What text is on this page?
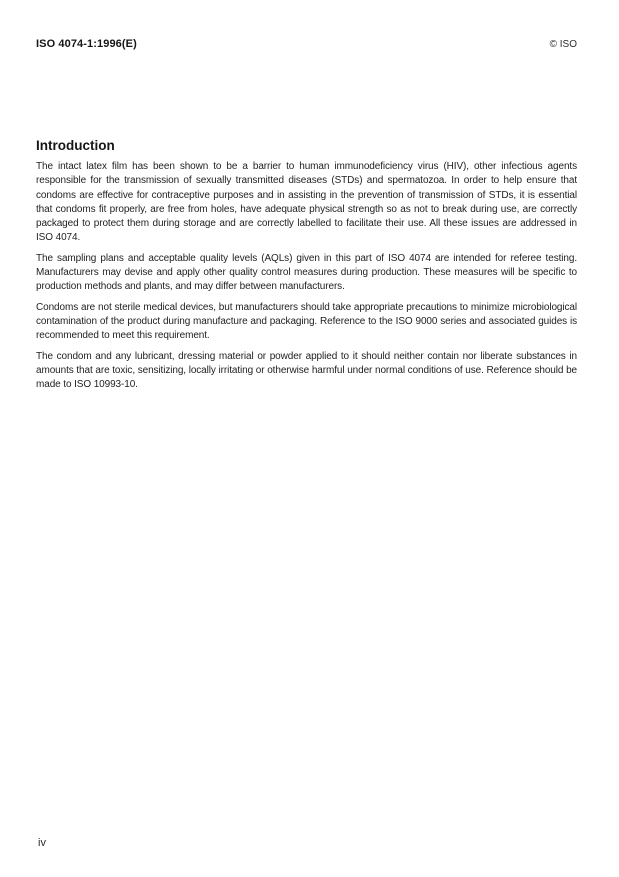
ISO 4074-1:1996(E)	© ISO
Introduction

The intact latex film has been shown to be a barrier to human immunodeficiency virus (HIV), other infectious agents responsible for the transmission of sexually transmitted diseases (STDs) and spermatozoa. In order to help ensure that condoms are effective for contraceptive purposes and in assisting in the prevention of transmission of STDs, it is essential that condoms fit properly, are free from holes, have adequate physical strength so as not to break during use, are correctly packaged to protect them during storage and are correctly labelled to facilitate their use. All these issues are addressed in ISO 4074.

The sampling plans and acceptable quality levels (AQLs) given in this part of ISO 4074 are intended for referee testing. Manufacturers may devise and apply other quality control measures during production. These measures will be specific to production methods and plants, and may differ between manufacturers.

Condoms are not sterile medical devices, but manufacturers should take appropriate precautions to minimize microbiological contamination of the product during manufacture and packaging. Reference to the ISO 9000 series and associated guides is recommended to meet this requirement.

The condom and any lubricant, dressing material or powder applied to it should neither contain nor liberate substances in amounts that are toxic, sensitizing, locally irritating or otherwise harmful under normal conditions of use. Reference should be made to ISO 10993-10.

iv
